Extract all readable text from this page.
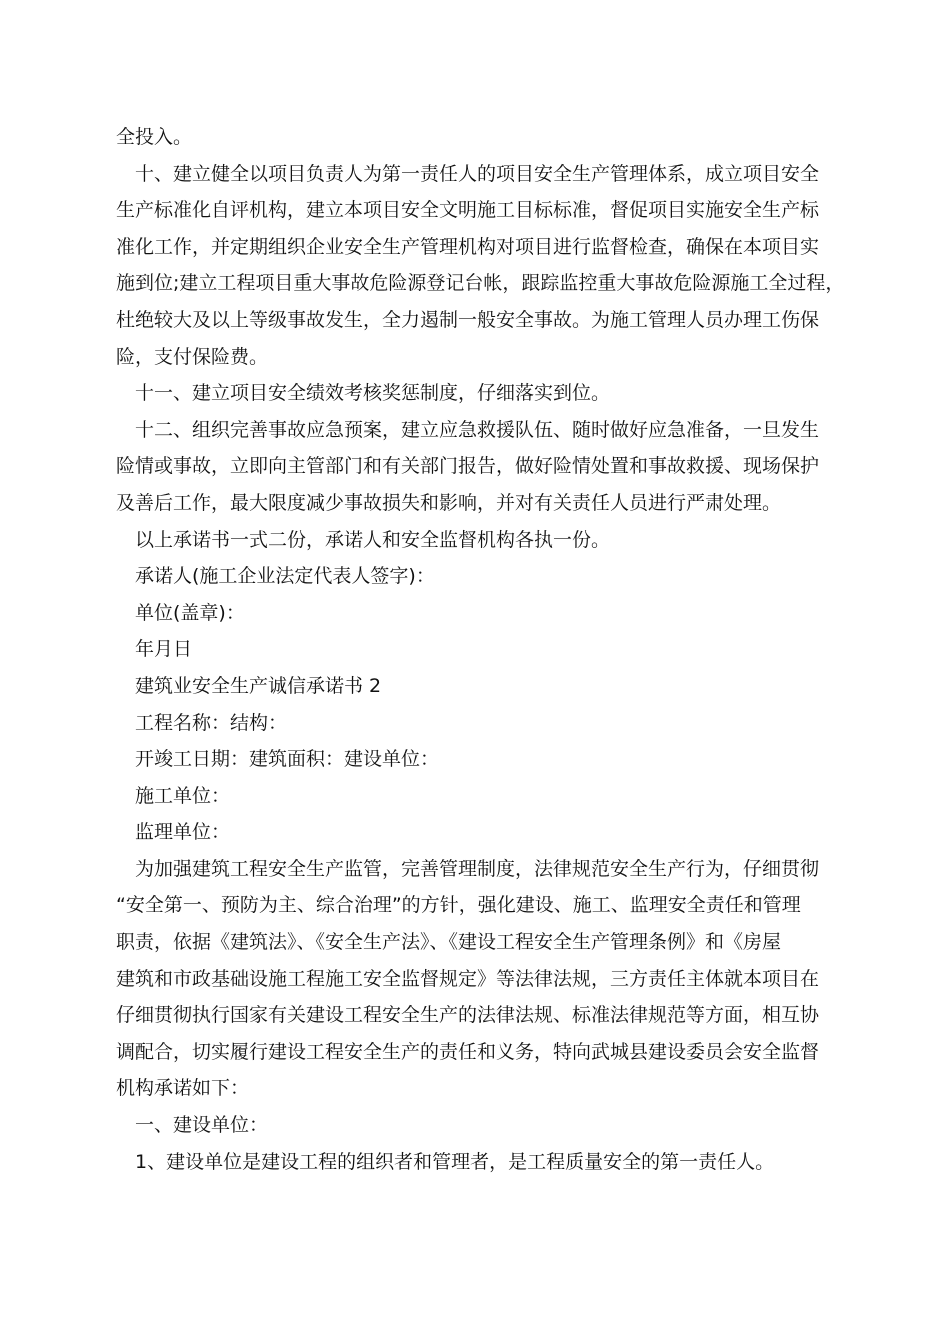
全投入。
十、建立健全以项目负责人为第一责任人的项目安全生产管理体系，成立项目安全
生产标准化自评机构，建立本项目安全文明施工目标标准，督促项目实施安全生产标
准化工作，并定期组织企业安全生产管理机构对项目进行监督检查，确保在本项目实
施到位;建立工程项目重大事故危险源登记台帐，跟踪监控重大事故危险源施工全过程，
杜绝较大及以上等级事故发生，全力遏制一般安全事故。为施工管理人员办理工伤保
险，支付保险费。
十一、建立项目安全绩效考核奖惩制度，仔细落实到位。
十二、组织完善事故应急预案，建立应急救援队伍、随时做好应急准备，一旦发生
险情或事故，立即向主管部门和有关部门报告，做好险情处置和事故救援、现场保护
及善后工作，最大限度减少事故损失和影响，并对有关责任人员进行严肃处理。
以上承诺书一式二份，承诺人和安全监督机构各执一份。
承诺人(施工企业法定代表人签字)：
单位(盖章)：
年月日
建筑业安全生产诚信承诺书 2
工程名称：结构：
开竣工日期：建筑面积：建设单位：
施工单位：
监理单位：
为加强建筑工程安全生产监管，完善管理制度，法律规范安全生产行为，仔细贯彻
“安全第一、预防为主、综合治理”的方针，强化建设、施工、监理安全责任和管理
职责，依据《建筑法》、《安全生产法》、《建设工程安全生产管理条例》和《房屋
建筑和市政基础设施工程施工安全监督规定》等法律法规，三方责任主体就本项目在
仔细贯彻执行国家有关建设工程安全生产的法律法规、标准法律规范等方面，相互协
调配合，切实履行建设工程安全生产的责任和义务，特向武城县建设委员会安全监督
机构承诺如下：
一、建设单位：
1、建设单位是建设工程的组织者和管理者，是工程质量安全的第一责任人。
